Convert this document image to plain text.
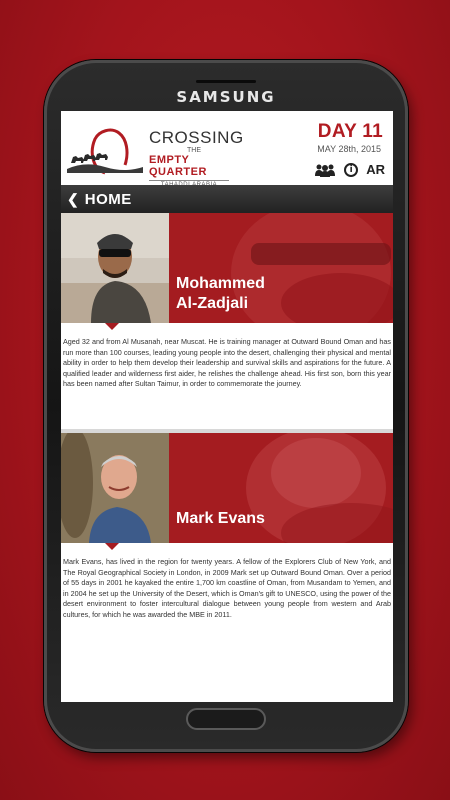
SAMSUNG
CROSSING
THE
EMPTY QUARTER
DAY 11
MAY 28th, 2015
i	AR
❮ HOME
Mohammed
Al-Zadjali
Aged 32 and from Al Musanah, near Muscat. He is training manager at Outward Bound Oman and has run more than 100 courses, leading young people into the desert, challenging their physical and mental ability in order to help them develop their leadership and survival skills and aspirations for the future. A qualified leader and wilderness first aider, he relishes the challenge ahead. His first son, born this year has been named after Sultan Taimur, in order to commemorate the journey.
Mark Evans
Mark Evans, has lived in the region for twenty years. A fellow of the Explorers Club of New York, and The Royal Geographical Society in London, in 2009 Mark set up Outward Bound Oman. Over a period of 55 days in 2001 he kayaked the entire 1,700 km coastline of Oman, from Musandam to Yemen, and in 2004 he set up the University of the Desert, which is Oman's gift to UNESCO, using the power of the desert environment to foster intercultural dialogue between young people from western and Arab cultures, for which he was awarded the MBE in 2011.
